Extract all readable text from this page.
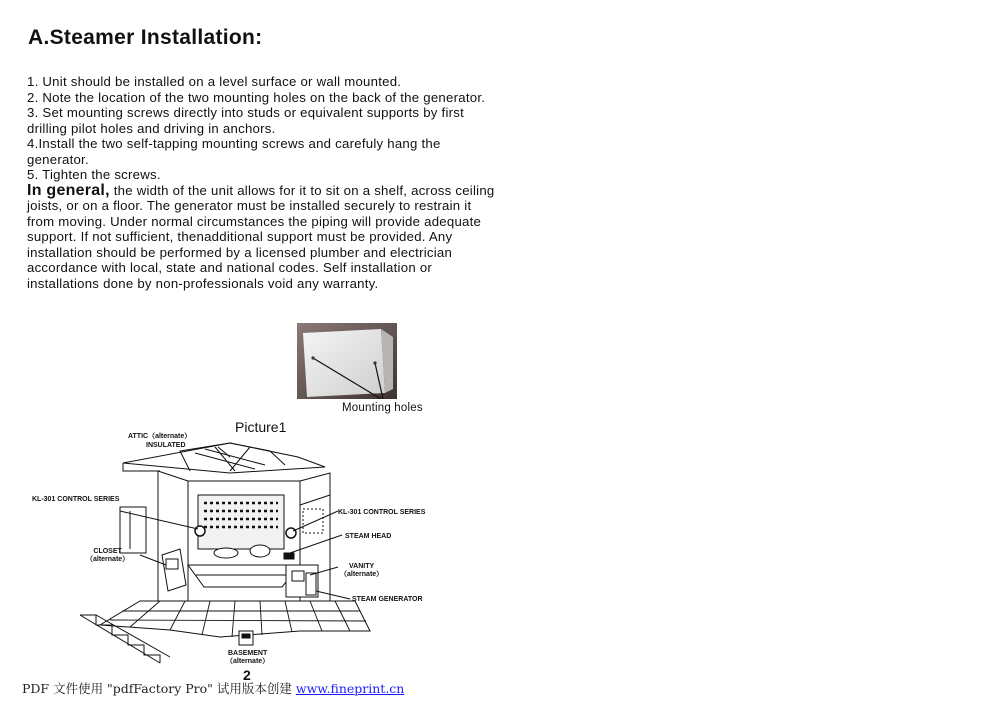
A.Steamer Installation:

1. Unit should be installed on a level surface or wall mounted.

2. Note the location of the two mounting holes on the back of the generator.

3. Set mounting screws directly into studs or equivalent supports by first drilling pilot holes and driving in anchors.

4.Install the two self-tapping mounting screws and carefuly hang the generator.

5. Tighten the screws.

In general, the width of the unit allows for it to sit on a shelf, across ceiling joists, or on a floor. The generator must be installed securely to restrain it from moving. Under normal circumstances the piping will provide adequate support. If not sufficient, thenadditional support must be provided. Any installation should be performed by a licensed plumber and electrician accordance with local, state and national codes. Self installation or installations done by non-professionals void any warranty.

Mounting holes
Picture1
ATTIC（alternate）
INSULATED
KL-301 CONTROL SERIES
KL-301 CONTROL SERIES
STEAM HEAD
CLOSET
（alternate）
VANITY
（alternate）
STEAM GENERATOR
BASEMENT
（alternate）
2
PDF 文件使用 "pdfFactory Pro" 试用版本创建 www.fineprint.cn
